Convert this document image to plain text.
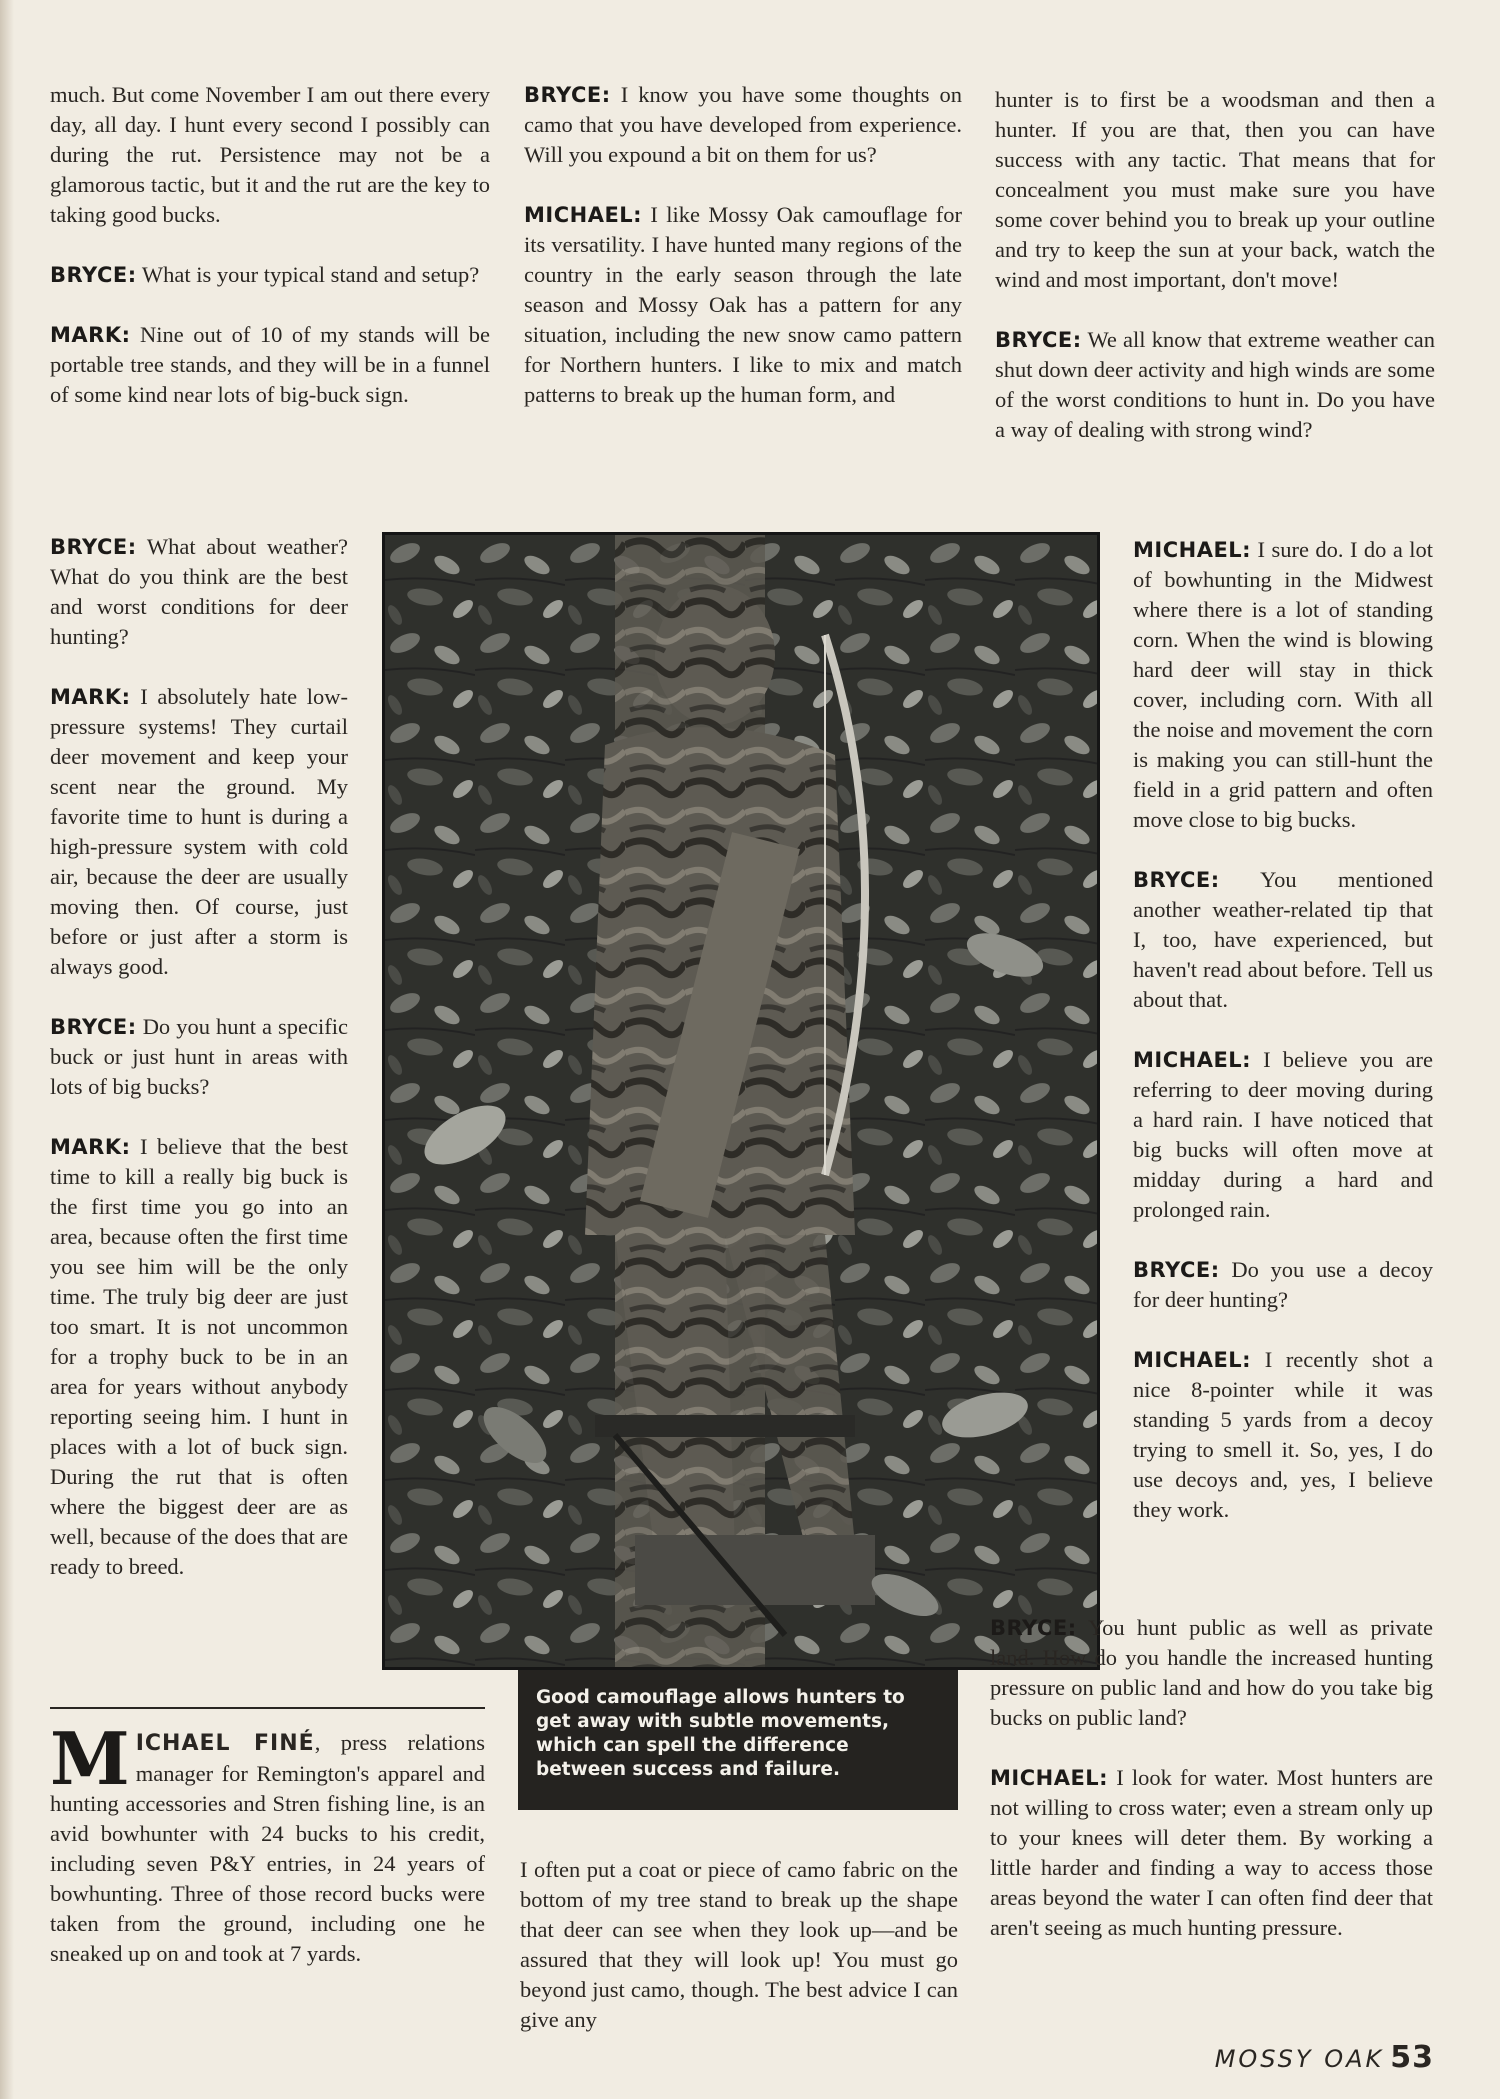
much. But come November I am out there every day, all day. I hunt every second I possibly can during the rut. Persistence may not be a glamorous tactic, but it and the rut are the key to taking good bucks.

BRYCE: What is your typical stand and setup?

MARK: Nine out of 10 of my stands will be portable tree stands, and they will be in a funnel of some kind near lots of big-buck sign.

BRYCE: What about weather? What do you think are the best and worst conditions for deer hunting?

MARK: I absolutely hate low-pressure systems! They curtail deer movement and keep your scent near the ground. My favorite time to hunt is during a high-pressure system with cold air, because the deer are usually moving then. Of course, just before or just after a storm is always good.

BRYCE: Do you hunt a specific buck or just hunt in areas with lots of big bucks?

MARK: I believe that the best time to kill a really big buck is the first time you go into an area, because often the first time you see him will be the only time. The truly big deer are just too smart. It is not uncommon for a trophy buck to be in an area for years without anybody reporting seeing him. I hunt in places with a lot of buck sign. During the rut that is often where the biggest deer are as well, because of the does that are ready to breed.

MICHAEL FINÉ, press relations manager for Remington's apparel and hunting accessories and Stren fishing line, is an avid bowhunter with 24 bucks to his credit, including seven P&Y entries, in 24 years of bowhunting. Three of those record bucks were taken from the ground, including one he sneaked up on and took at 7 yards.

BRYCE: I know you have some thoughts on camo that you have developed from experience. Will you expound a bit on them for us?

MICHAEL: I like Mossy Oak camouflage for its versatility. I have hunted many regions of the country in the early season through the late season and Mossy Oak has a pattern for any situation, including the new snow camo pattern for Northern hunters. I like to mix and match patterns to break up the human form, and

Good camouflage allows hunters to get away with subtle movements, which can spell the difference between success and failure.

I often put a coat or piece of camo fabric on the bottom of my tree stand to break up the shape that deer can see when they look up—and be assured that they will look up! You must go beyond just camo, though. The best advice I can give any

hunter is to first be a woodsman and then a hunter. If you are that, then you can have success with any tactic. That means that for concealment you must make sure you have some cover behind you to break up your outline and try to keep the sun at your back, watch the wind and most important, don't move!

BRYCE: We all know that extreme weather can shut down deer activity and high winds are some of the worst conditions to hunt in. Do you have a way of dealing with strong wind?

MICHAEL: I sure do. I do a lot of bowhunting in the Midwest where there is a lot of standing corn. When the wind is blowing hard deer will stay in thick cover, including corn. With all the noise and movement the corn is making you can still-hunt the field in a grid pattern and often move close to big bucks.

BRYCE: You mentioned another weather-related tip that I, too, have experienced, but haven't read about before. Tell us about that.

MICHAEL: I believe you are referring to deer moving during a hard rain. I have noticed that big bucks will often move at midday during a hard and prolonged rain.

BRYCE: Do you use a decoy for deer hunting?

MICHAEL: I recently shot a nice 8-pointer while it was standing 5 yards from a decoy trying to smell it. So, yes, I do use decoys and, yes, I believe they work.

BRYCE: You hunt public as well as private land. How do you handle the increased hunting pressure on public land and how do you take big bucks on public land?

MICHAEL: I look for water. Most hunters are not willing to cross water; even a stream only up to your knees will deter them. By working a little harder and finding a way to access those areas beyond the water I can often find deer that aren't seeing as much hunting pressure.

MOSSY OAK 53
